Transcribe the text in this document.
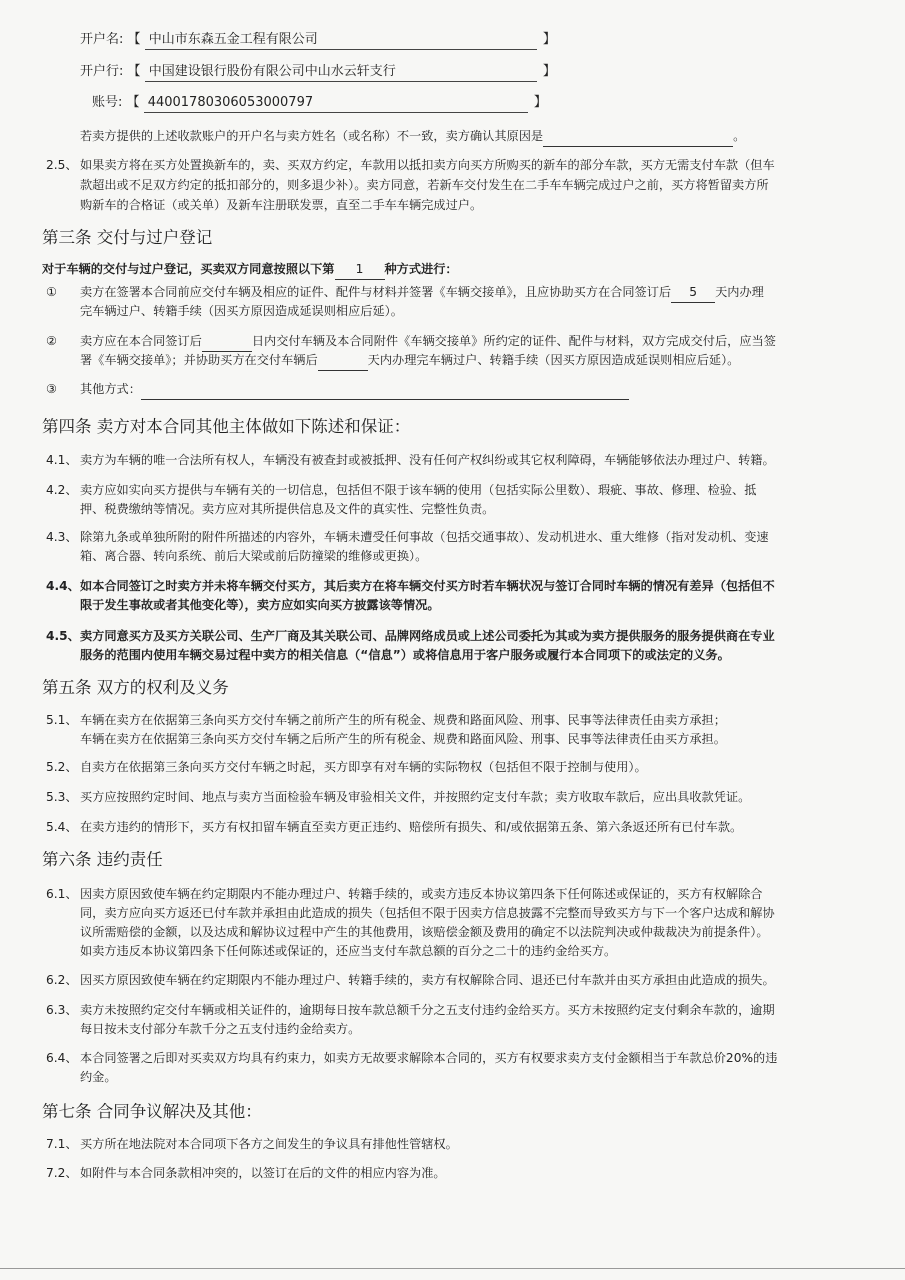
开户名: 【 中山市东森五金工程有限公司	】
开户行: 【 中国建设银行股份有限公司中山水云轩支行	】
账号: 【 44001780306053000797	】
若卖方提供的上述收款账户的开户名与卖方姓名（或名称）不一致，卖方确认其原因是	。
2.5、 如果卖方将在买方处置换新车的，卖、买双方约定，车款用以抵扣卖方向买方所购买的新车的部分车款，买方无需支付车款（但车
款超出或不足双方约定的抵扣部分的，则多退少补）。卖方同意，若新车交付发生在二手车车辆完成过户之前，买方将暂留卖方所
购新车的合格证（或关单）及新车注册联发票，直至二手车车辆完成过户。
第三条 交付与过户登记
对于车辆的交付与过户登记，买卖双方同意按照以下第 1 种方式进行：
① 卖方在签署本合同前应交付车辆及相应的证件、配件与材料并签署《车辆交接单》，且应协助买方在合同签订后 5 天内办理
完车辆过户、转籍手续（因买方原因造成延误则相应后延）。
② 卖方应在本合同签订后	日内交付车辆及本合同附件《车辆交接单》所约定的证件、配件与材料，双方完成交付后，应当签
署《车辆交接单》；并协助买方在交付车辆后	天内办理完车辆过户、转籍手续（因买方原因造成延误则相应后延）。
③ 其他方式：
第四条 卖方对本合同其他主体做如下陈述和保证：
4.1、 卖方为车辆的唯一合法所有权人，车辆没有被查封或被抵押、没有任何产权纠纷或其它权利障碍，车辆能够依法办理过户、转籍。
4.2、 卖方应如实向买方提供与车辆有关的一切信息，包括但不限于该车辆的使用（包括实际公里数）、瑕疵、事故、修理、检验、抵
押、税费缴纳等情况。卖方应对其所提供信息及文件的真实性、完整性负责。
4.3、 除第九条或单独所附的附件所描述的内容外，车辆未遭受任何事故（包括交通事故）、发动机进水、重大维修（指对发动机、变速
箱、离合器、转向系统、前后大梁或前后防撞梁的维修或更换）。
4.4、 如本合同签订之时卖方并未将车辆交付买方，其后卖方在将车辆交付买方时若车辆状况与签订合同时车辆的情况有差异（包括但不
限于发生事故或者其他变化等），卖方应如实向买方披露该等情况。
4.5、 卖方同意买方及买方关联公司、生产厂商及其关联公司、品牌网络成员或上述公司委托为其或为卖方提供服务的服务提供商在专业
服务的范围内使用车辆交易过程中卖方的相关信息（“信息”）或将信息用于客户服务或履行本合同项下的或法定的义务。
第五条 双方的权利及义务
5.1、 车辆在卖方在依据第三条向买方交付车辆之前所产生的所有税金、规费和路面风险、刑事、民事等法律责任由卖方承担；
车辆在卖方在依据第三条向买方交付车辆之后所产生的所有税金、规费和路面风险、刑事、民事等法律责任由买方承担。
5.2、 自卖方在依据第三条向买方交付车辆之时起，买方即享有对车辆的实际物权（包括但不限于控制与使用）。
5.3、 买方应按照约定时间、地点与卖方当面检验车辆及审验相关文件，并按照约定支付车款；卖方收取车款后，应出具收款凭证。
5.4、 在卖方违约的情形下，买方有权扣留车辆直至卖方更正违约、赔偿所有损失、和/或依据第五条、第六条返还所有已付车款。
第六条 违约责任
6.1、 因卖方原因致使车辆在约定期限内不能办理过户、转籍手续的，或卖方违反本协议第四条下任何陈述或保证的，买方有权解除合
同，卖方应向买方返还已付车款并承担由此造成的损失（包括但不限于因卖方信息披露不完整而导致买方与下一个客户达成和解协
议所需赔偿的金额，以及达成和解协议过程中产生的其他费用，该赔偿金额及费用的确定不以法院判决或仲裁裁决为前提条件）。
如卖方违反本协议第四条下任何陈述或保证的，还应当支付车款总额的百分之二十的违约金给买方。
6.2、 因买方原因致使车辆在约定期限内不能办理过户、转籍手续的，卖方有权解除合同、退还已付车款并由买方承担由此造成的损失。
6.3、 卖方未按照约定交付车辆或相关证件的，逾期每日按车款总额千分之五支付违约金给买方。买方未按照约定支付剩余车款的，逾期
每日按未支付部分车款千分之五支付违约金给卖方。
6.4、 本合同签署之后即对买卖双方均具有约束力，如卖方无故要求解除本合同的，买方有权要求卖方支付金额相当于车款总价20%的违
约金。
第七条 合同争议解决及其他：
7.1、 买方所在地法院对本合同项下各方之间发生的争议具有排他性管辖权。
7.2、 如附件与本合同条款相冲突的，以签订在后的文件的相应内容为准。
